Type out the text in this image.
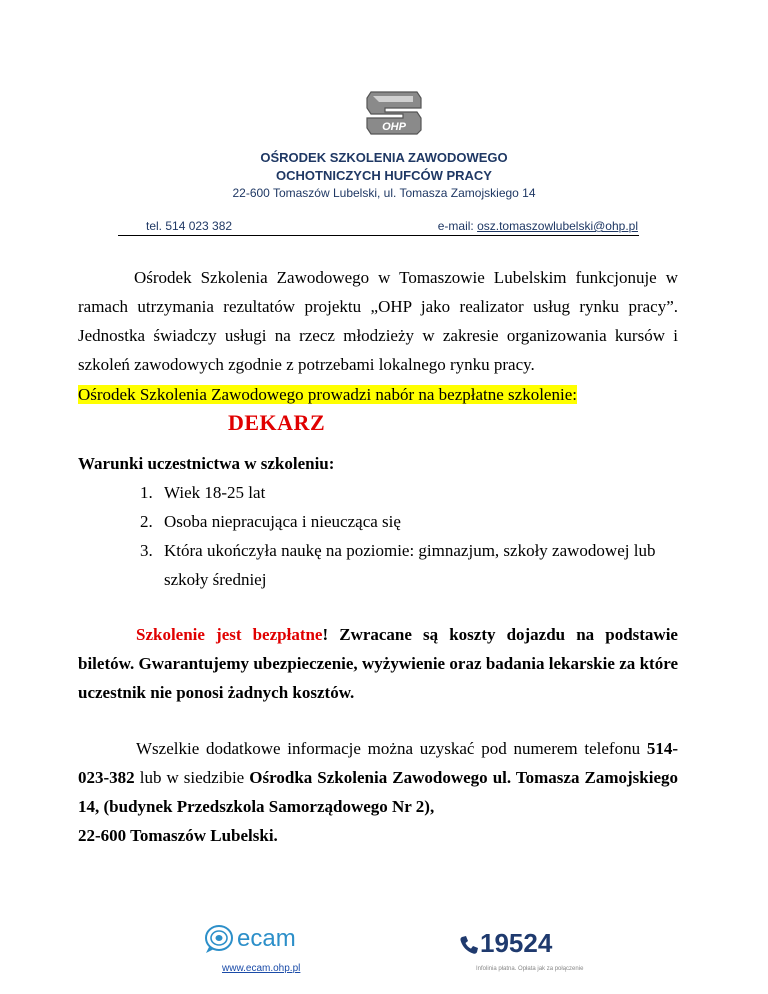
OHP
OŚRODEK SZKOLENIA ZAWODOWEGO
OCHOTNICZYCH HUFCÓW PRACY
22-600 Tomaszów Lubelski, ul. Tomasza Zamojskiego 14
tel. 514 023 382	e-mail: osz.tomaszowlubelski@ohp.pl
Ośrodek Szkolenia Zawodowego w Tomaszowie Lubelskim funkcjonuje w ramach utrzymania rezultatów projektu „OHP jako realizator usług rynku pracy”. Jednostka świadczy usługi na rzecz młodzieży w zakresie organizowania kursów i szkoleń zawodowych zgodnie z potrzebami lokalnego rynku pracy.
Ośrodek Szkolenia Zawodowego prowadzi nabór na bezpłatne szkolenie:
DEKARZ
Warunki uczestnictwa w szkoleniu:
1. Wiek 18-25 lat
2. Osoba niepracująca i nieucząca się
3. Która ukończyła naukę na poziomie: gimnazjum, szkoły zawodowej lub szkoły średniej
Szkolenie jest bezpłatne! Zwracane są koszty dojazdu na podstawie biletów. Gwarantujemy ubezpieczenie, wyżywienie oraz badania lekarskie za które uczestnik nie ponosi żadnych kosztów.
Wszelkie dodatkowe informacje można uzyskać pod numerem telefonu 514-023-382 lub w siedzibie Ośrodka Szkolenia Zawodowego ul. Tomasza Zamojskiego 14, (budynek Przedszkola Samorządowego Nr 2),
22-600 Tomaszów Lubelski.
ecam
www.ecam.ohp.pl
19524
Infolinia płatna. Opłata jak za połączenie
